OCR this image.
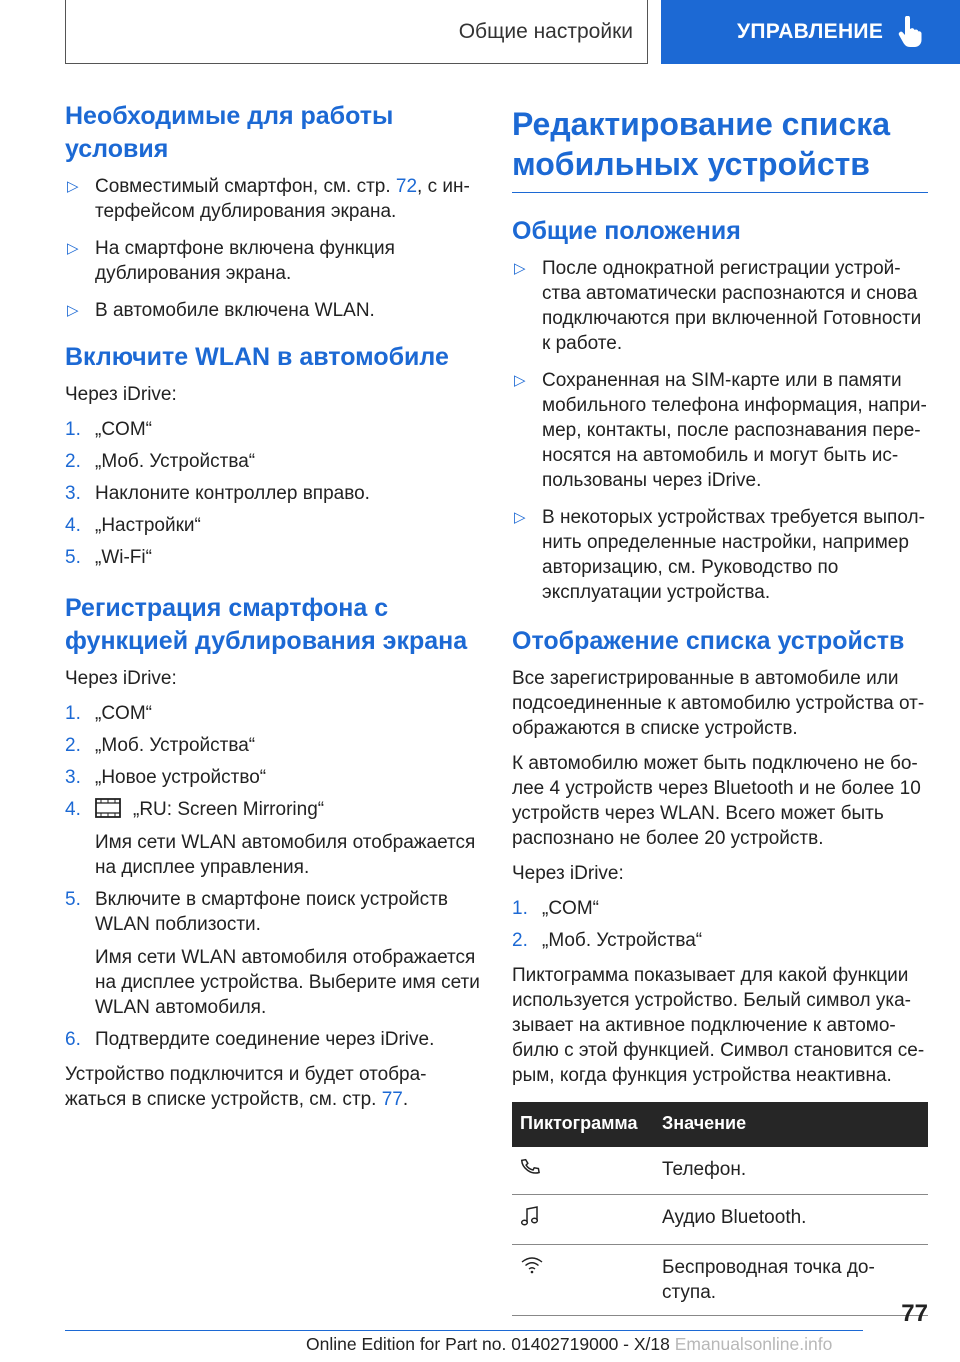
Общие настройки	УПРАВЛЕНИЕ
Необходимые для работы условия
▷ Совместимый смартфон, см. стр. 72, с интерфейсом дублирования экрана.
▷ На смартфоне включена функция дублирования экрана.
▷ В автомобиле включена WLAN.
Включите WLAN в автомобиле

Через iDrive:

1. „COM“
2. „Моб. Устройства“
3. Наклоните контроллер вправо.
4. „Настройки“
5. „Wi-Fi“
Регистрация смартфона с функцией дублирования экрана

Через iDrive:

1. „COM“
2. „Моб. Устройства“
3. „Новое устройство“
4.	„RU: Screen Mirroring“
Имя сети WLAN автомобиля отображается на дисплее управления.
5. Включите в смартфоне поиск устройств WLAN поблизости.
Имя сети WLAN автомобиля отображается на дисплее устройства. Выберите имя сети WLAN автомобиля.
6. Подтвердите соединение через iDrive.

Устройство подключится и будет отображаться в списке устройств, см. стр. 77.

Редактирование списка мобильных устройств
Общие положения
▷ После однократной регистрации устройства автоматически распознаются и снова подключаются при включенной Готовности к работе.
▷ Сохраненная на SIM-карте или в памяти мобильного телефона информация, например, контакты, после распознавания переносятся на автомобиль и могут быть использованы через iDrive.
▷ В некоторых устройствах требуется выполнить определенные настройки, например авторизацию, см. Руководство по эксплуатации устройства.
Отображение списка устройств

Все зарегистрированные в автомобиле или подсоединенные к автомобилю устройства отображаются в списке устройств.

К автомобилю может быть подключено не более 4 устройств через Bluetooth и не более 10 устройств через WLAN. Всего может быть распознано не более 20 устройств.

Через iDrive:

1. „COM“
2. „Моб. Устройства“

Пиктограмма показывает для какой функции используется устройство. Белый символ указывает на активное подключение к автомобилю с этой функцией. Символ становится серым, когда функция устройства неактивна.

Пиктограмма	Значение
	Телефон.
	Аудио Bluetooth.
	Беспроводная точка доступа.
77
Online Edition for Part no. 01402719000 - X/18 Emanualsonline.info
